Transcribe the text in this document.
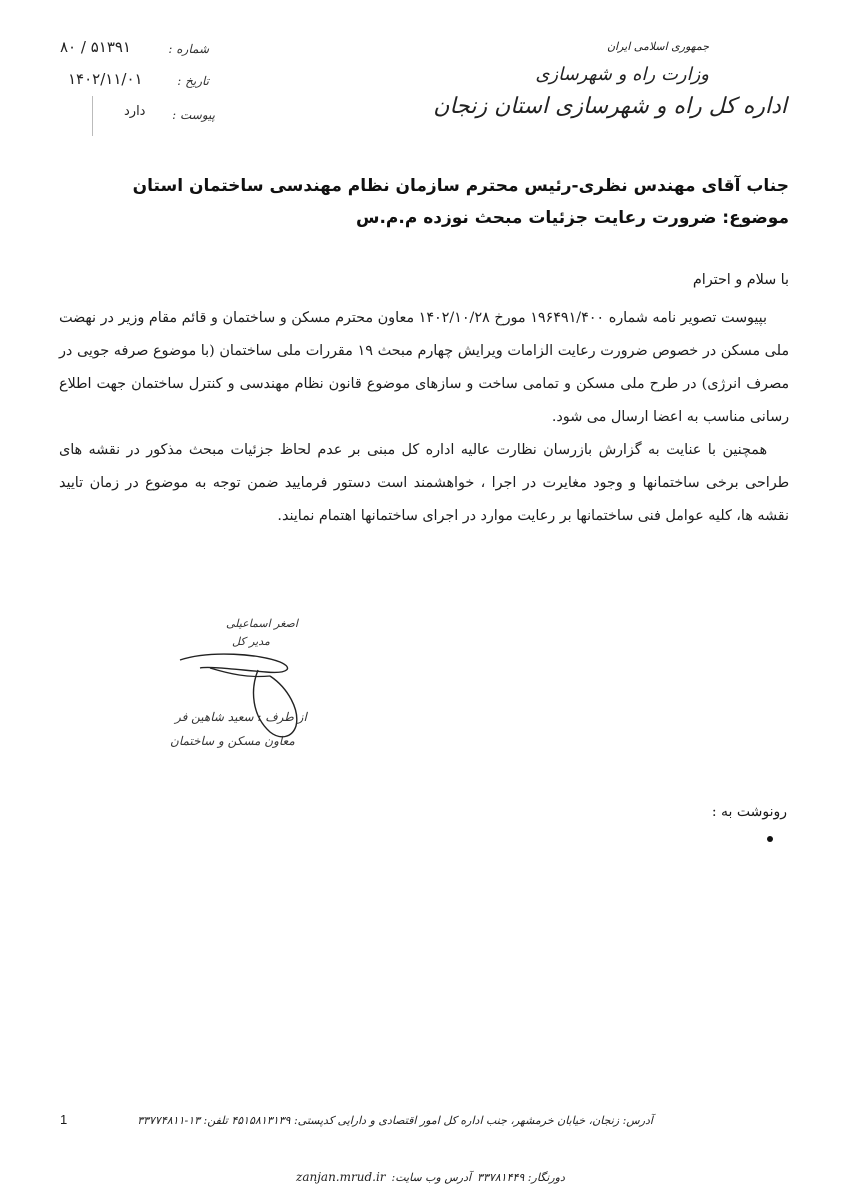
جمهوری اسلامی ایران
وزارت راه و شهرسازی
اداره کل راه و شهرسازی استان زنجان
شماره :
۸۰ / ۵۱۳۹۱
تاریخ :
۱۴۰۲/۱۱/۰۱
پیوست :
دارد
جناب آقای مهندس نظری-رئیس محترم سازمان نظام مهندسی ساختمان استان
موضوع: ضرورت رعایت جزئیات مبحث نوزده م.م.س
با سلام و احترام
بپیوست تصویر نامه شماره ۱۹۶۴۹۱/۴۰۰ مورخ ۱۴۰۲/۱۰/۲۸ معاون محترم مسکن و ساختمان و قائم مقام وزیر در نهضت ملی مسکن در خصوص ضرورت رعایت الزامات ویرایش چهارم مبحث ۱۹ مقررات ملی ساختمان (با موضوع صرفه جویی در مصرف انرژی) در طرح ملی مسکن و تمامی ساخت و سازهای موضوع قانون نظام مهندسی و کنترل ساختمان جهت اطلاع رسانی مناسب به اعضا ارسال می شود.
همچنین با عنایت به گزارش بازرسان نظارت عالیه اداره کل مبنی بر عدم لحاظ جزئیات مبحث مذکور در نقشه های طراحی برخی ساختمانها و وجود مغایرت در اجرا ، خواهشمند است دستور فرمایید ضمن توجه به موضوع در زمان تایید نقشه ها، کلیه عوامل فنی ساختمانها بر رعایت موارد در اجرای ساختمانها اهتمام نمایند.
اصغر اسماعیلی
مدیر کل
از طرف : سعید شاهین فر
معاون مسکن و ساختمان
رونوشت به :
1	آدرس: زنجان، خیابان خرمشهر، جنب اداره کل امور اقتصادی و دارایی کدپستی: ۴۵۱۵۸۱۳۱۳۹ تلفن: ۱۳-۳۳۷۷۴۸۱۱
zanjan.mrud.ir آدرس وب سایت: دورنگار: ۳۳۷۸۱۴۴۹
